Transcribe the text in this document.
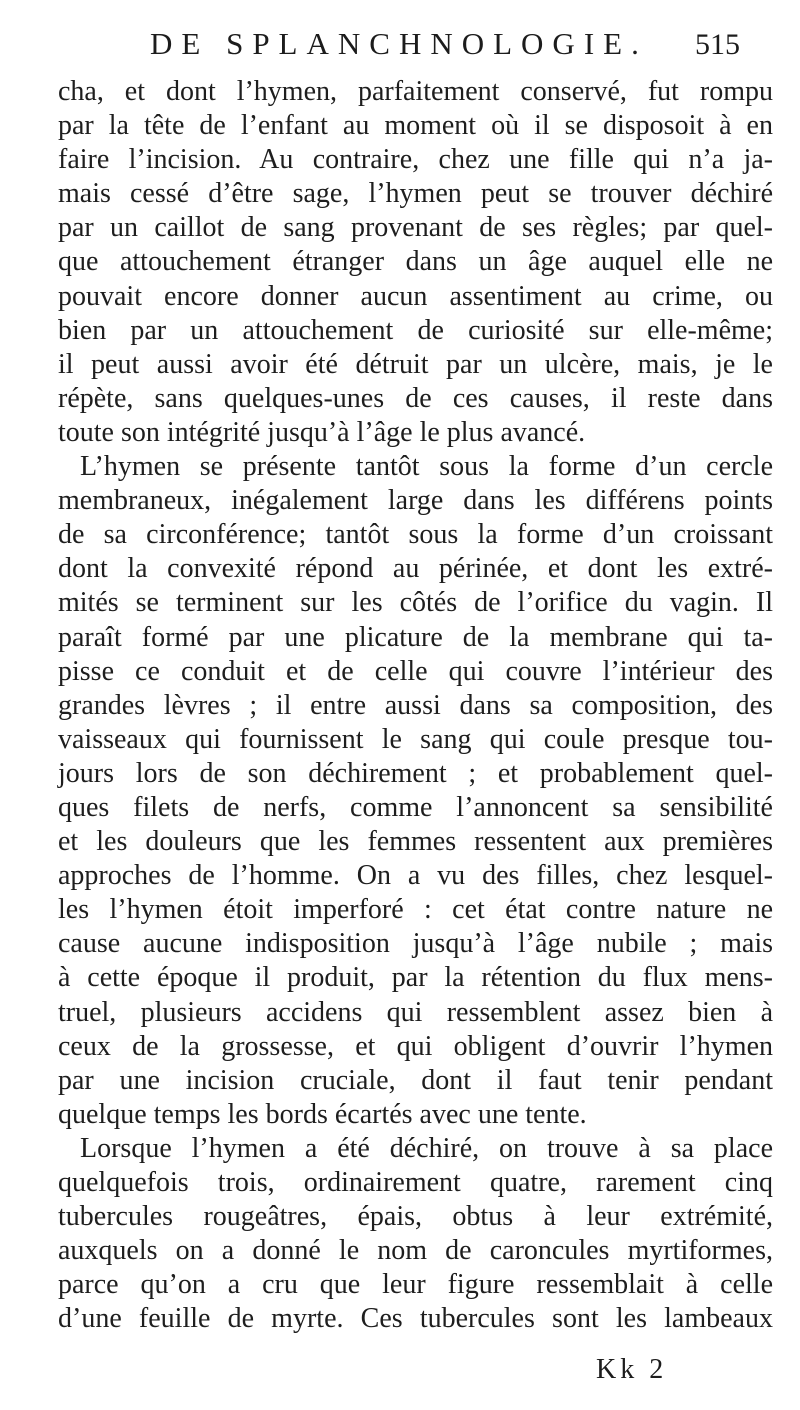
DE SPLANCHNOLOGIE. 515
cha, et dont l’hymen, parfaitement conservé, fut rompu
par la tête de l’enfant au moment où il se disposoit à en
faire l’incision. Au contraire, chez une fille qui n’a ja-
mais cessé d’être sage, l’hymen peut se trouver déchiré
par un caillot de sang provenant de ses règles; par quel-
que attouchement étranger dans un âge auquel elle ne
pouvait encore donner aucun assentiment au crime, ou
bien par un attouchement de curiosité sur elle-même;
il peut aussi avoir été détruit par un ulcère, mais, je le
répète, sans quelques-unes de ces causes, il reste dans
toute son intégrité jusqu’à l’âge le plus avancé.
L’hymen se présente tantôt sous la forme d’un cercle
membraneux, inégalement large dans les différens points
de sa circonférence; tantôt sous la forme d’un croissant
dont la convexité répond au périnée, et dont les extré-
mités se terminent sur les côtés de l’orifice du vagin. Il
paraît formé par une plicature de la membrane qui ta-
pisse ce conduit et de celle qui couvre l’intérieur des
grandes lèvres ; il entre aussi dans sa composition, des
vaisseaux qui fournissent le sang qui coule presque tou-
jours lors de son déchirement ; et probablement quel-
ques filets de nerfs, comme l’annoncent sa sensibilité
et les douleurs que les femmes ressentent aux premières
approches de l’homme. On a vu des filles, chez lesquel-
les l’hymen étoit imperforé : cet état contre nature ne
cause aucune indisposition jusqu’à l’âge nubile ; mais
à cette époque il produit, par la rétention du flux mens-
truel, plusieurs accidens qui ressemblent assez bien à
ceux de la grossesse, et qui obligent d’ouvrir l’hymen
par une incision cruciale, dont il faut tenir pendant
quelque temps les bords écartés avec une tente.
Lorsque l’hymen a été déchiré, on trouve à sa place
quelquefois trois, ordinairement quatre, rarement cinq
tubercules rougeâtres, épais, obtus à leur extrémité,
auxquels on a donné le nom de caroncules myrtiformes,
parce qu’on a cru que leur figure ressemblait à celle
d’une feuille de myrte. Ces tubercules sont les lambeaux
Kk 2
